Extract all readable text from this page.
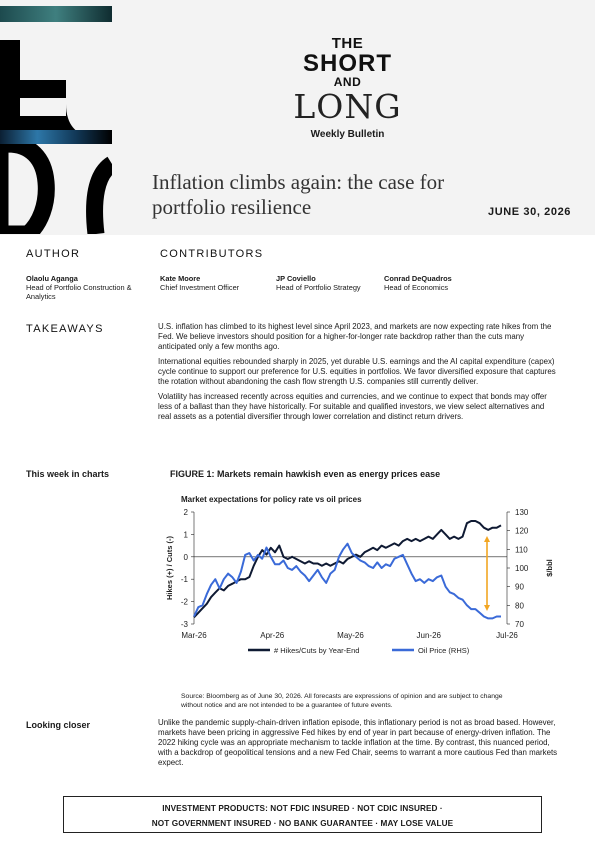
THE
SHORT
AND
LONG
Weekly Bulletin
Inflation climbs again: the case for portfolio resilience	JUNE 30, 2026
AUTHOR	CONTRIBUTORS
Olaolu Aganga
Head of Portfolio Construction & Analytics
Kate Moore
Chief Investment Officer
JP Coviello
Head of Portfolio Strategy
Conrad DeQuadros
Head of Economics
TAKEAWAYS	U.S. inflation has climbed to its highest level since April 2023, and markets are now expecting rate hikes from the Fed. We believe investors should position for a higher-for-longer rate backdrop rather than the cuts many anticipated only a few months ago.

International equities rebounded sharply in 2025, yet durable U.S. earnings and the AI capital expenditure (capex) cycle continue to support our preference for U.S. equities in portfolios. We favor diversified exposure that captures the rotation without abandoning the cash flow strength U.S. companies still currently deliver.

Volatility has increased recently across equities and currencies, and we continue to expect that bonds may offer less of a ballast than they have historically. For suitable and qualified investors, we view select alternatives and real assets as a potential diversifier through lower correlation and distinct return drivers.

This week in charts	FIGURE 1: Markets remain hawkish even as energy prices ease
Market expectations for policy rate vs oil prices
2
1
0
-1
-2
-3
130
120
110
100
90
80
70
Mar-26	Apr-26	May-26	Jun-26	Jul-26
Hikes (+) / Cuts (-)	$/bbl
# Hikes/Cuts by Year-End	Oil Price (RHS)
Source: Bloomberg as of June 30, 2026. All forecasts are expressions of opinion and are subject to change without notice and are not intended to be a guarantee of future events.
Looking closer	Unlike the pandemic supply-chain-driven inflation episode, this inflationary period is not as broad based. However, markets have been pricing in aggressive Fed hikes by end of year in part because of energy-driven inflation. The 2022 hiking cycle was an appropriate mechanism to tackle inflation at the time. By contrast, this nuanced period, with a backdrop of geopolitical tensions and a new Fed Chair, seems to warrant a more cautious Fed than markets expect.
INVESTMENT PRODUCTS: NOT FDIC INSURED · NOT CDIC INSURED ·
NOT GOVERNMENT INSURED · NO BANK GUARANTEE · MAY LOSE VALUE
